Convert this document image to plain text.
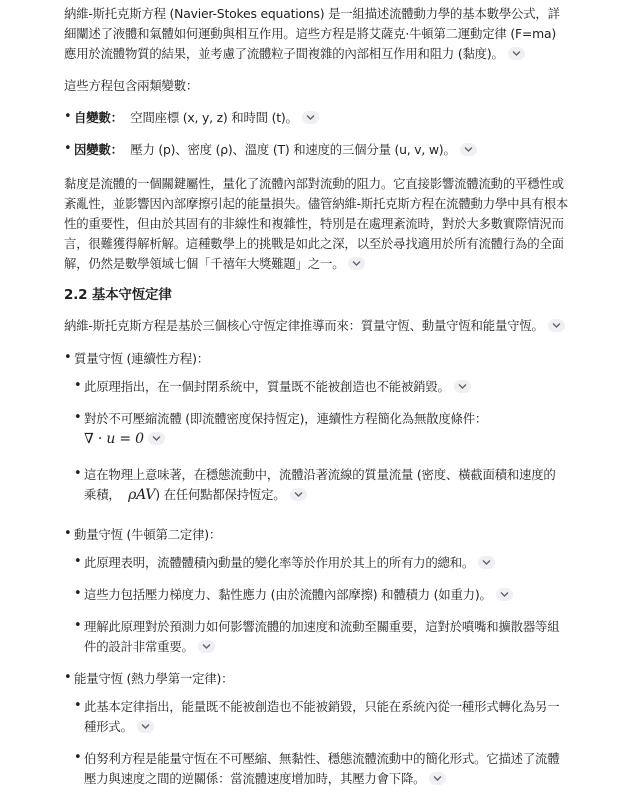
納維-斯托克斯方程 (Navier-Stokes equations) 是一組描述流體動力學的基本數學公式，詳細闡述了液體和氣體如何運動與相互作用。這些方程是將艾薩克·牛頓第二運動定律 (F=ma) 應用於流體物質的結果，並考慮了流體粒子間複雜的內部相互作用和阻力 (黏度)。
這些方程包含兩類變數：
• 自變數： 空間座標 (x, y, z) 和時間 (t)。
• 因變數： 壓力 (p)、密度 (ρ)、溫度 (T) 和速度的三個分量 (u, v, w)。
黏度是流體的一個關鍵屬性，量化了流體內部對流動的阻力。它直接影響流體流動的平穩性或紊亂性，並影響因內部摩擦引起的能量損失。儘管納維-斯托克斯方程在流體動力學中具有根本性的重要性，但由於其固有的非線性和複雜性，特別是在處理紊流時，對於大多數實際情況而言，很難獲得解析解。這種數學上的挑戰是如此之深，以至於尋找適用於所有流體行為的全面解，仍然是數學領域七個「千禧年大獎難題」之一。
2.2 基本守恆定律
納維-斯托克斯方程是基於三個核心守恆定律推導而來：質量守恆、動量守恆和能量守恆。
• 質量守恆 (連續性方程)：
• 此原理指出，在一個封閉系統中，質量既不能被創造也不能被銷毀。
• 對於不可壓縮流體 (即流體密度保持恆定)，連續性方程簡化為無散度條件：
∇ · u = 0
• 這在物理上意味著，在穩態流動中，流體沿著流線的質量流量 (密度、橫截面積和速度的乘積， ρAV) 在任何點都保持恆定。
• 動量守恆 (牛頓第二定律)：
• 此原理表明，流體體積內動量的變化率等於作用於其上的所有力的總和。
• 這些力包括壓力梯度力、黏性應力 (由於流體內部摩擦) 和體積力 (如重力)。
• 理解此原理對於預測力如何影響流體的加速度和流動至關重要，這對於噴嘴和擴散器等組件的設計非常重要。
• 能量守恆 (熱力學第一定律)：
• 此基本定律指出，能量既不能被創造也不能被銷毀，只能在系統內從一種形式轉化為另一種形式。
• 伯努利方程是能量守恆在不可壓縮、無黏性、穩態流體流動中的簡化形式。它描述了流體壓力與速度之間的逆關係：當流體速度增加時，其壓力會下降。
